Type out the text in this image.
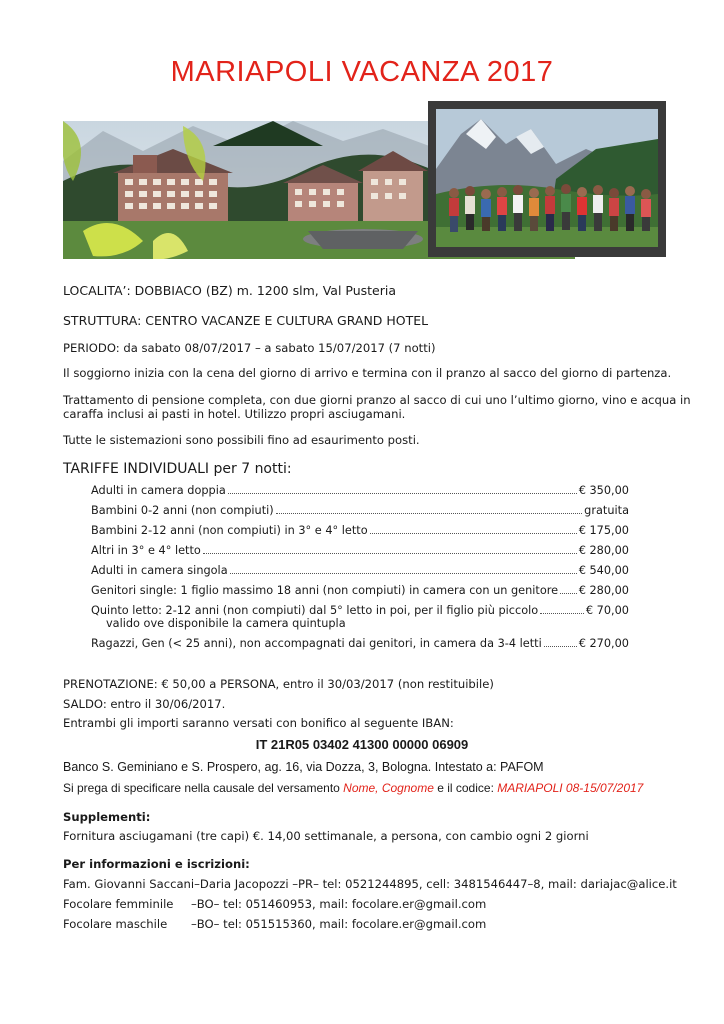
MARIAPOLI VACANZA 2017
LOCALITA’: DOBBIACO (BZ) m. 1200 slm, Val Pusteria
STRUTTURA: CENTRO VACANZE E CULTURA GRAND HOTEL
PERIODO: da sabato 08/07/2017 – a sabato 15/07/2017 (7 notti)
Il soggiorno inizia con la cena del giorno di arrivo e termina con il pranzo al sacco del giorno di partenza.
Trattamento di pensione completa, con due giorni pranzo al sacco di cui uno l’ultimo giorno, vino e acqua in
caraffa inclusi ai pasti in hotel. Utilizzo propri asciugamani.
Tutte le sistemazioni sono possibili fino ad esaurimento posti.
TARIFFE INDIVIDUALI per 7 notti:
Adulti in camera doppia	€ 350,00
Bambini 0-2 anni (non compiuti)	gratuita
Bambini 2-12 anni (non compiuti) in 3° e 4° letto	€ 175,00
Altri in 3° e 4° letto	€ 280,00
Adulti in camera singola	€ 540,00
Genitori single: 1 figlio massimo 18 anni (non compiuti) in camera con un genitore € 280,00
Quinto letto: 2-12 anni (non compiuti) dal 5° letto in poi, per il figlio più piccolo	€ 70,00
valido ove disponibile la camera quintupla
Ragazzi, Gen (< 25 anni), non accompagnati dai genitori, in camera da 3-4 letti	€ 270,00
PRENOTAZIONE: € 50,00 a PERSONA, entro il 30/03/2017 (non restituibile)
SALDO: entro il 30/06/2017.
Entrambi gli importi saranno versati con bonifico al seguente IBAN:
IT 21R05 03402 41300 00000 06909
Banco S. Geminiano e S. Prospero, ag. 16, via Dozza, 3, Bologna. Intestato a: PAFOM
Si prega di specificare nella causale del versamento Nome, Cognome e il codice: MARIAPOLI 08-15/07/2017
Supplementi:
Fornitura asciugamani (tre capi) €. 14,00 settimanale, a persona, con cambio ogni 2 giorni
Per informazioni e iscrizioni:
Fam. Giovanni Saccani–Daria Jacopozzi –PR– tel: 0521244895, cell: 3481546447–8, mail: dariajac@alice.it
Focolare femminile –BO– tel: 051460953, mail: focolare.er@gmail.com
Focolare maschile –BO– tel: 051515360, mail: focolare.er@gmail.com
